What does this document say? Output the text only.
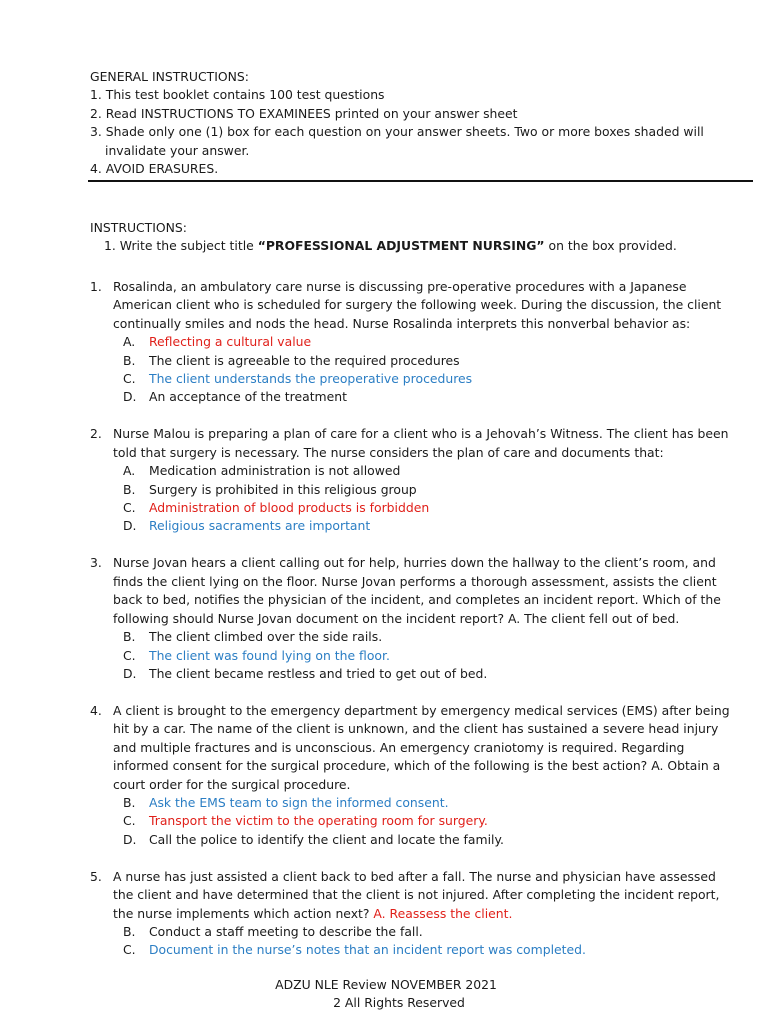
GENERAL INSTRUCTIONS:
1. This test booklet contains 100 test questions
2. Read INSTRUCTIONS TO EXAMINEES printed on your answer sheet
3. Shade only one (1) box for each question on your answer sheets. Two or more boxes shaded will
invalidate your answer.
4. AVOID ERASURES.
INSTRUCTIONS:
1. Write the subject title “PROFESSIONAL ADJUSTMENT NURSING” on the box provided.
1. Rosalinda, an ambulatory care nurse is discussing pre-operative procedures with a Japanese American client who is scheduled for surgery the following week. During the discussion, the client continually smiles and nods the head. Nurse Rosalinda interprets this nonverbal behavior as:
A. Reflecting a cultural value
B. The client is agreeable to the required procedures
C. The client understands the preoperative procedures
D. An acceptance of the treatment
2. Nurse Malou is preparing a plan of care for a client who is a Jehovah’s Witness. The client has been told that surgery is necessary. The nurse considers the plan of care and documents that:
A. Medication administration is not allowed
B. Surgery is prohibited in this religious group
C. Administration of blood products is forbidden
D. Religious sacraments are important
3. Nurse Jovan hears a client calling out for help, hurries down the hallway to the client’s room, and finds the client lying on the floor. Nurse Jovan performs a thorough assessment, assists the client back to bed, notifies the physician of the incident, and completes an incident report. Which of the following should Nurse Jovan document on the incident report? A. The client fell out of bed.
B. The client climbed over the side rails.
C. The client was found lying on the floor.
D. The client became restless and tried to get out of bed.
4. A client is brought to the emergency department by emergency medical services (EMS) after being hit by a car. The name of the client is unknown, and the client has sustained a severe head injury and multiple fractures and is unconscious. An emergency craniotomy is required. Regarding informed consent for the surgical procedure, which of the following is the best action? A. Obtain a court order for the surgical procedure.
B. Ask the EMS team to sign the informed consent.
C. Transport the victim to the operating room for surgery.
D. Call the police to identify the client and locate the family.
5. A nurse has just assisted a client back to bed after a fall. The nurse and physician have assessed the client and have determined that the client is not injured. After completing the incident report, the nurse implements which action next? A. Reassess the client.
B. Conduct a staff meeting to describe the fall.
C. Document in the nurse’s notes that an incident report was completed.
ADZU NLE Review NOVEMBER 2021
2 All Rights Reserved
